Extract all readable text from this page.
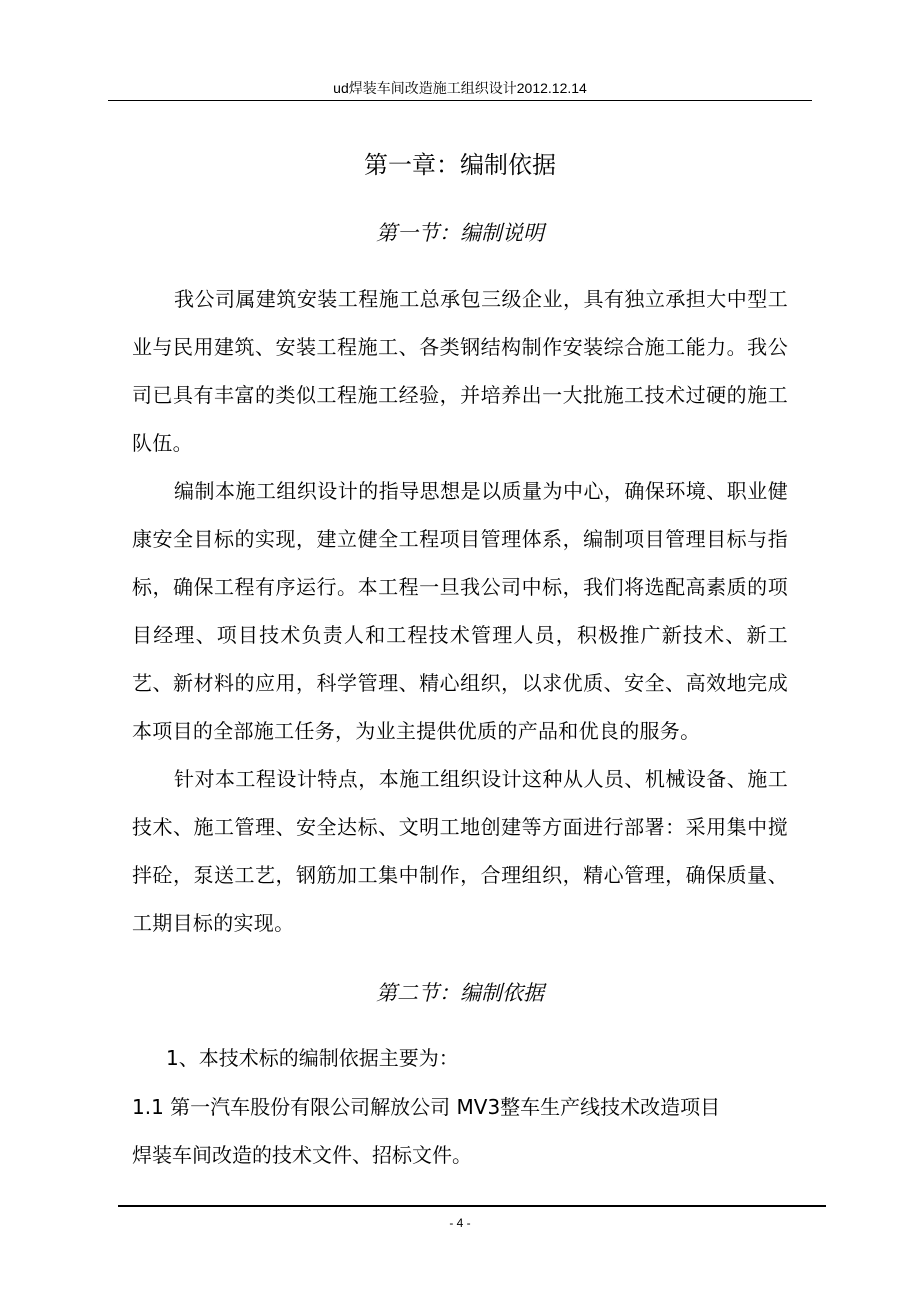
ud焊装车间改造施工组织设计2012.12.14
第一章：编制依据
第一节：编制说明
我公司属建筑安装工程施工总承包三级企业，具有独立承担大中型工业与民用建筑、安装工程施工、各类钢结构制作安装综合施工能力。我公司已具有丰富的类似工程施工经验，并培养出一大批施工技术过硬的施工队伍。
编制本施工组织设计的指导思想是以质量为中心，确保环境、职业健康安全目标的实现，建立健全工程项目管理体系，编制项目管理目标与指标，确保工程有序运行。本工程一旦我公司中标，我们将选配高素质的项目经理、项目技术负责人和工程技术管理人员，积极推广新技术、新工艺、新材料的应用，科学管理、精心组织，以求优质、安全、高效地完成本项目的全部施工任务，为业主提供优质的产品和优良的服务。
针对本工程设计特点，本施工组织设计这种从人员、机械设备、施工技术、施工管理、安全达标、文明工地创建等方面进行部署：采用集中搅拌砼，泵送工艺，钢筋加工集中制作，合理组织，精心管理，确保质量、工期目标的实现。
第二节：编制依据
1、本技术标的编制依据主要为：
1.1 第一汽车股份有限公司解放公司 MV3整车生产线技术改造项目
焊装车间改造的技术文件、招标文件。
- 4 -
